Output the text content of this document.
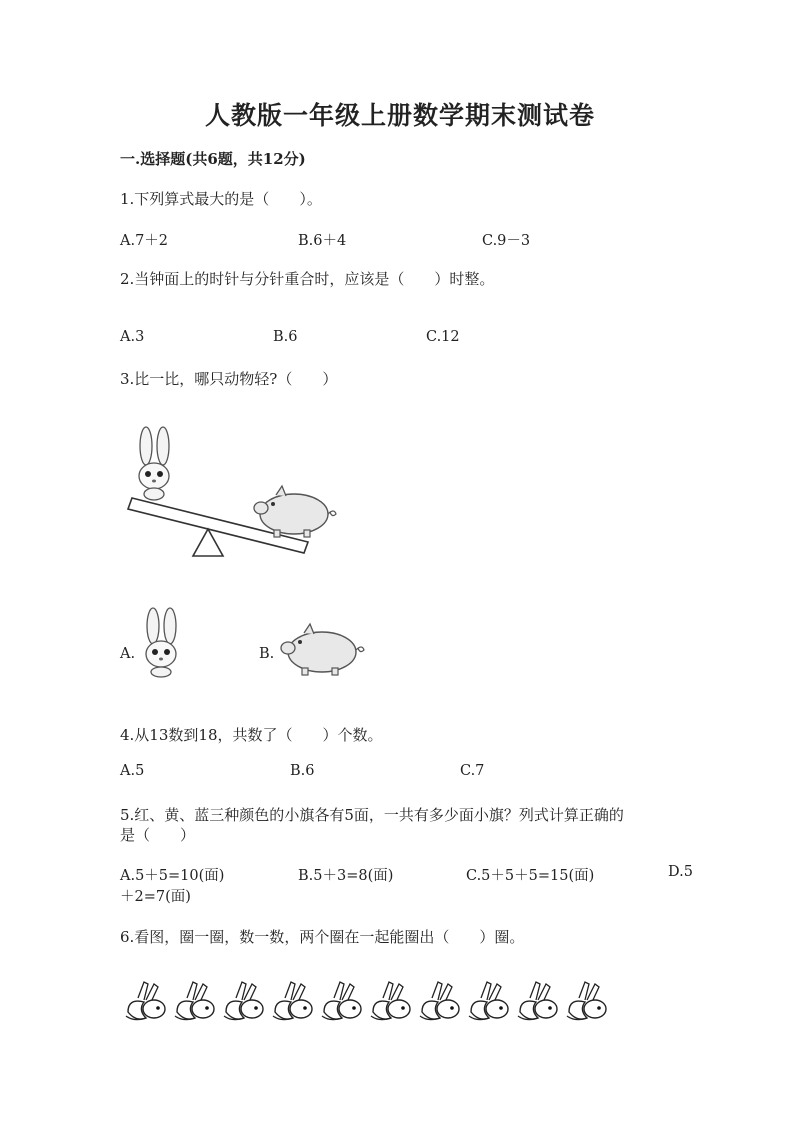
人教版一年级上册数学期末测试卷
一.选择题(共6题，共12分)
1.下列算式最大的是（　　）。
A.7＋2	B.6＋4	C.9－3
2.当钟面上的时针与分针重合时，应该是（　　）时整。
A.3	B.6	C.12
3.比一比，哪只动物轻?（　　）
A.	B.
4.从13数到18，共数了（　　）个数。
A.5	B.6	C.7
5.红、黄、蓝三种颜色的小旗各有5面，一共有多少面小旗？列式计算正确的
是（　　）
A.5＋5=10(面)	B.5＋3=8(面)	C.5＋5＋5=15(面)	D.5
＋2=7(面)
6.看图，圈一圈，数一数，两个圈在一起能圈出（　　）圈。
